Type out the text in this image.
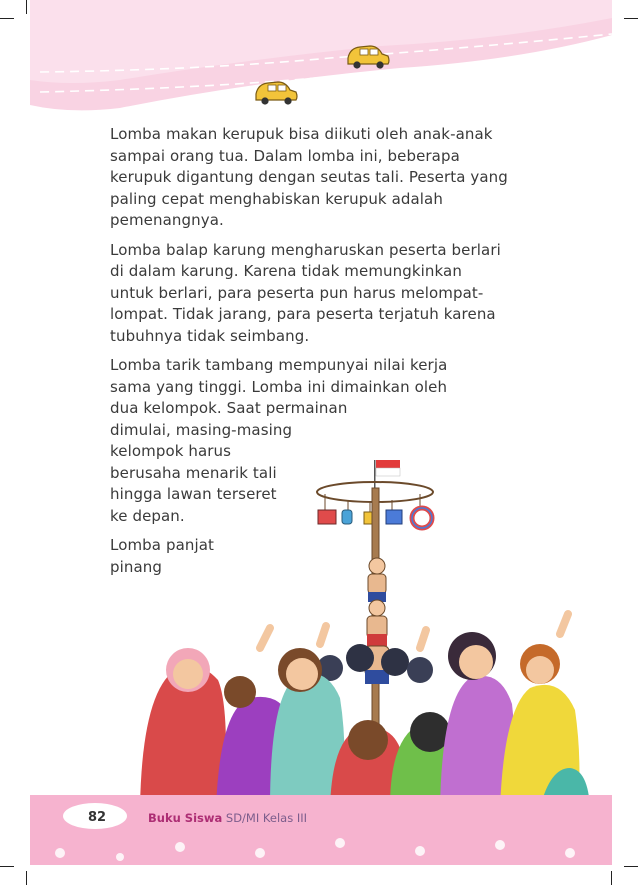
Lomba makan kerupuk bisa diikuti oleh anak-anak sampai orang tua. Dalam lomba ini, beberapa kerupuk digantung dengan seutas tali. Peserta yang paling cepat menghabiskan kerupuk adalah pemenangnya.

Lomba balap karung mengharuskan peserta berlari di dalam karung. Karena tidak memungkinkan untuk berlari, para peserta pun harus melompat-lompat. Tidak jarang, para peserta terjatuh karena tubuhnya tidak seimbang.

Lomba tarik tambang mempunyai nilai kerja
sama yang tinggi. Lomba ini dimainkan oleh
dua kelompok. Saat permainan
dimulai, masing-masing
kelompok harus
berusaha menarik tali
hingga lawan terseret
ke depan.

Lomba panjat
pinang

82	Buku Siswa SD/MI Kelas III
